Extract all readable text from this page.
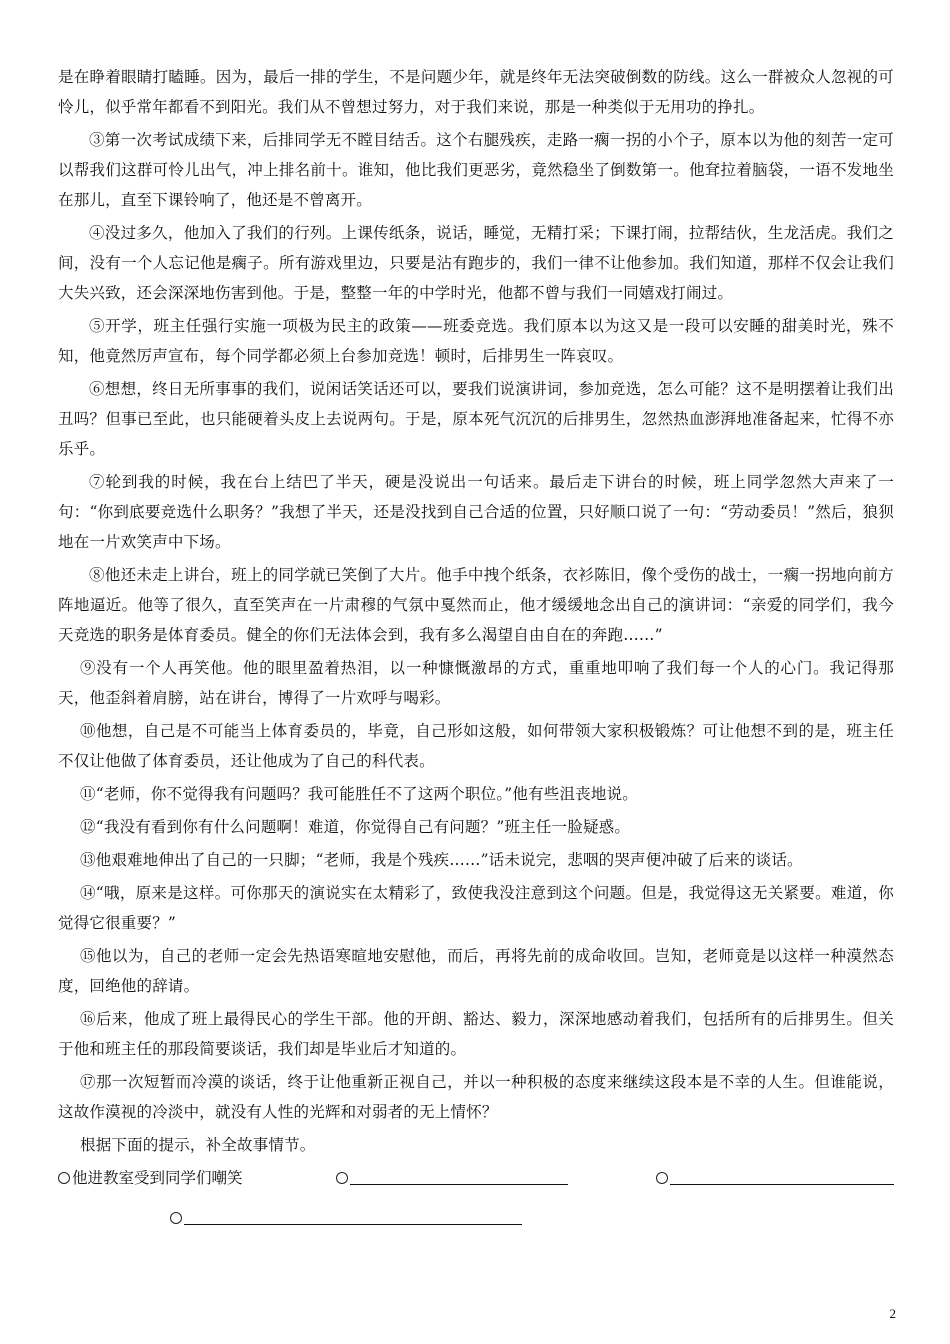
是在睁着眼睛打瞌睡。因为，最后一排的学生，不是问题少年，就是终年无法突破倒数的防线。这么一群被众人忽视的可怜儿，似乎常年都看不到阳光。我们从不曾想过努力，对于我们来说，那是一种类似于无用功的挣扎。

③第一次考试成绩下来，后排同学无不瞠目结舌。这个右腿残疾，走路一瘸一拐的小个子，原本以为他的刻苦一定可以帮我们这群可怜儿出气，冲上排名前十。谁知，他比我们更恶劣，竟然稳坐了倒数第一。他耷拉着脑袋，一语不发地坐在那儿，直至下课铃响了，他还是不曾离开。

④没过多久，他加入了我们的行列。上课传纸条，说话，睡觉，无精打采；下课打闹，拉帮结伙，生龙活虎。我们之间，没有一个人忘记他是瘸子。所有游戏里边，只要是沾有跑步的，我们一律不让他参加。我们知道，那样不仅会让我们大失兴致，还会深深地伤害到他。于是，整整一年的中学时光，他都不曾与我们一同嬉戏打闹过。

⑤开学，班主任强行实施一项极为民主的政策——班委竞选。我们原本以为这又是一段可以安睡的甜美时光，殊不知，他竟然厉声宣布，每个同学都必须上台参加竞选！顿时，后排男生一阵哀叹。

⑥想想，终日无所事事的我们，说闲话笑话还可以，要我们说演讲词，参加竞选，怎么可能？这不是明摆着让我们出丑吗？但事已至此，也只能硬着头皮上去说两句。于是，原本死气沉沉的后排男生，忽然热血澎湃地准备起来，忙得不亦乐乎。

⑦轮到我的时候，我在台上结巴了半天，硬是没说出一句话来。最后走下讲台的时候，班上同学忽然大声来了一句：“你到底要竞选什么职务？”我想了半天，还是没找到自己合适的位置，只好顺口说了一句：“劳动委员！”然后，狼狈地在一片欢笑声中下场。

⑧他还未走上讲台，班上的同学就已笑倒了大片。他手中拽个纸条，衣衫陈旧，像个受伤的战士，一瘸一拐地向前方阵地逼近。他等了很久，直至笑声在一片肃穆的气氛中戛然而止，他才缓缓地念出自己的演讲词：“亲爱的同学们，我今天竞选的职务是体育委员。健全的你们无法体会到，我有多么渴望自由自在的奔跑……”

⑨没有一个人再笑他。他的眼里盈着热泪，以一种慷慨激昂的方式，重重地叩响了我们每一个人的心门。我记得那天，他歪斜着肩膀，站在讲台，博得了一片欢呼与喝彩。

⑩他想，自己是不可能当上体育委员的，毕竟，自己形如这般，如何带领大家积极锻炼？可让他想不到的是，班主任不仅让他做了体育委员，还让他成为了自己的科代表。

⑪“老师，你不觉得我有问题吗？我可能胜任不了这两个职位。”他有些沮丧地说。

⑫“我没有看到你有什么问题啊！难道，你觉得自己有问题？”班主任一脸疑惑。

⑬他艰难地伸出了自己的一只脚；“老师，我是个残疾……”话未说完，悲咽的哭声便冲破了后来的谈话。

⑭“哦，原来是这样。可你那天的演说实在太精彩了，致使我没注意到这个问题。但是，我觉得这无关紧要。难道，你觉得它很重要？”

⑮他以为，自己的老师一定会先热语寒暄地安慰他，而后，再将先前的成命收回。岂知，老师竟是以这样一种漠然态度，回绝他的辞请。

⑯后来，他成了班上最得民心的学生干部。他的开朗、豁达、毅力，深深地感动着我们，包括所有的后排男生。但关于他和班主任的那段简要谈话，我们却是毕业后才知道的。

⑰那一次短暂而冷漠的谈话，终于让他重新正视自己，并以一种积极的态度来继续这段本是不幸的人生。但谁能说，这故作漠视的冷淡中，就没有人性的光辉和对弱者的无上情怀？

根据下面的提示，补全故事情节。

他进教室受到同学们嘲笑
2
